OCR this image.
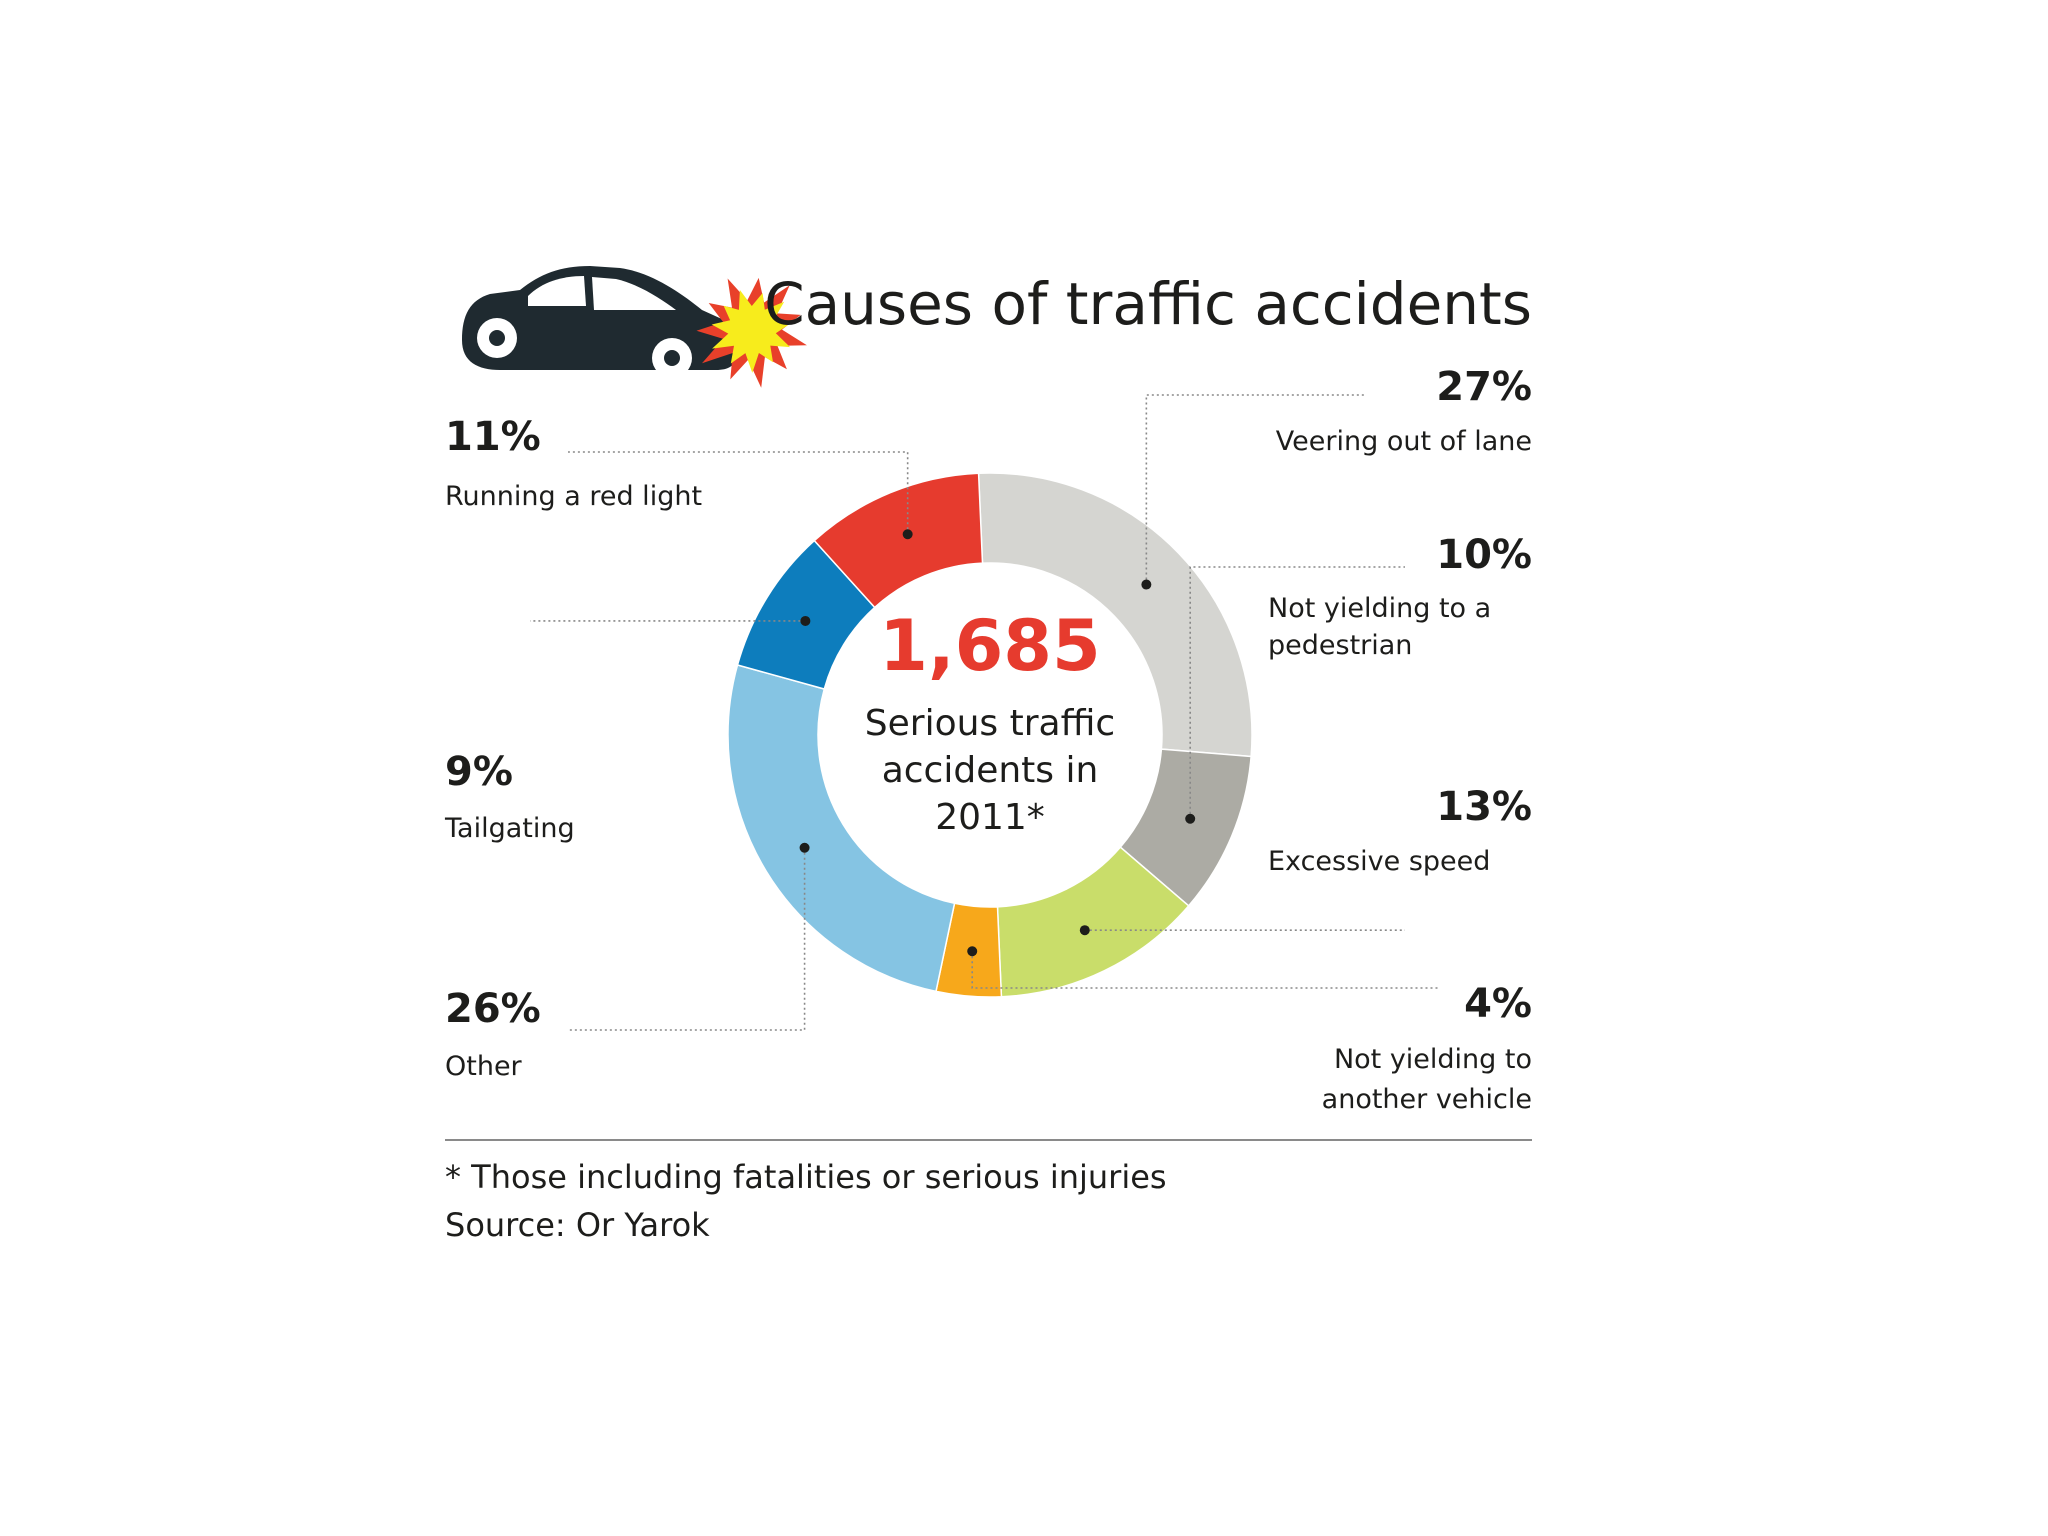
Causes of traffic accidents
27%
Veering out of lane
10%
Not yielding to a
pedestrian
13%
Excessive speed
4%
Not yielding to
another vehicle
26%
Other
9%
Tailgating
11%
Running a red light
1,685
Serious traffic
accidents in
2011*
* Those including fatalities or serious injuries
Source: Or Yarok
